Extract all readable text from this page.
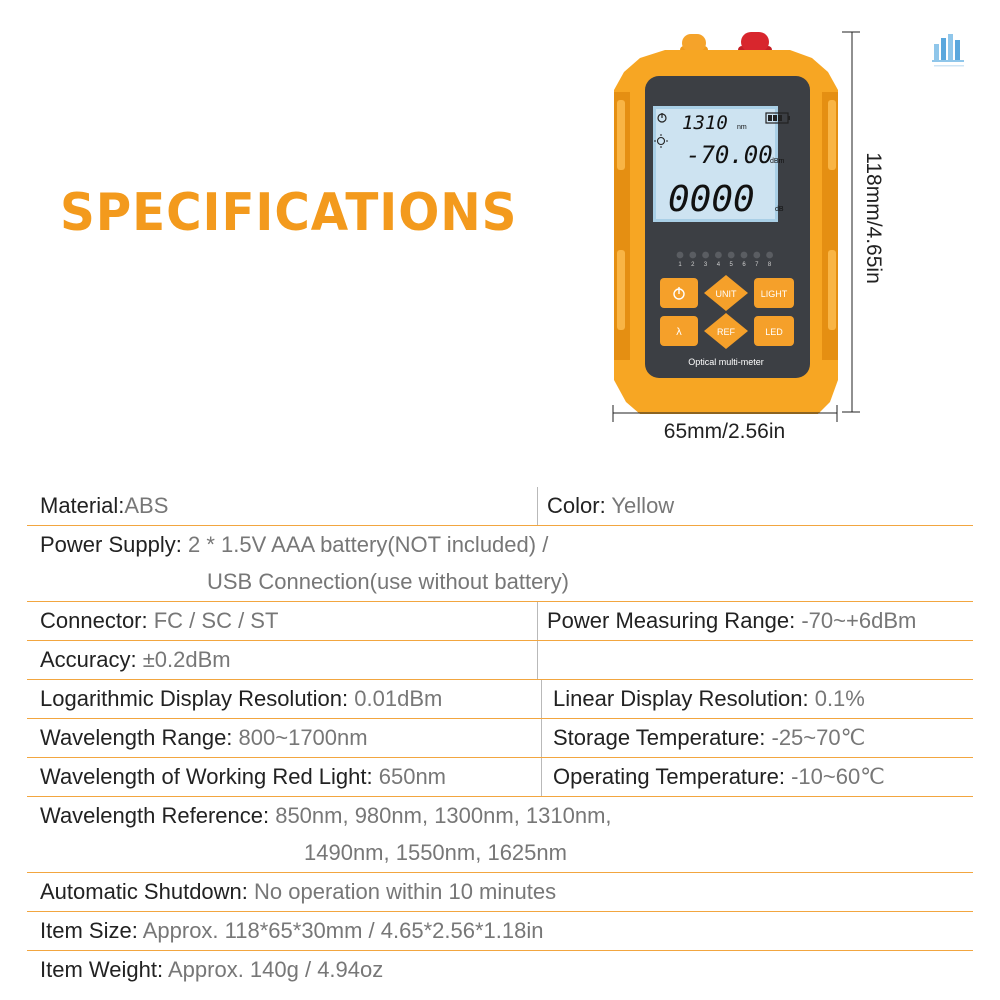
SPECIFICATIONS
1310 nm
-70.00
dBm
0000	dB
1 2 3 4 5 6 7 8
UNIT	LIGHT
λ	REF	LED
Optical multi-meter
65mm/2.56in
118mm/4.65in
Material:ABS	Color: Yellow
Power Supply: 2 * 1.5V AAA battery(NOT included) /
USB Connection(use without battery)
Connector: FC / SC / ST	Power Measuring Range: -70~+6dBm
Accuracy: ±0.2dBm
Logarithmic Display Resolution: 0.01dBm	Linear Display Resolution: 0.1%
Wavelength Range: 800~1700nm	Storage Temperature: -25~70℃
Wavelength of Working Red Light: 650nm	Operating Temperature: -10~60℃
Wavelength Reference: 850nm, 980nm, 1300nm, 1310nm,
1490nm, 1550nm, 1625nm
Automatic Shutdown: No operation within 10 minutes
Item Size: Approx. 118*65*30mm / 4.65*2.56*1.18in
Item Weight: Approx. 140g / 4.94oz
